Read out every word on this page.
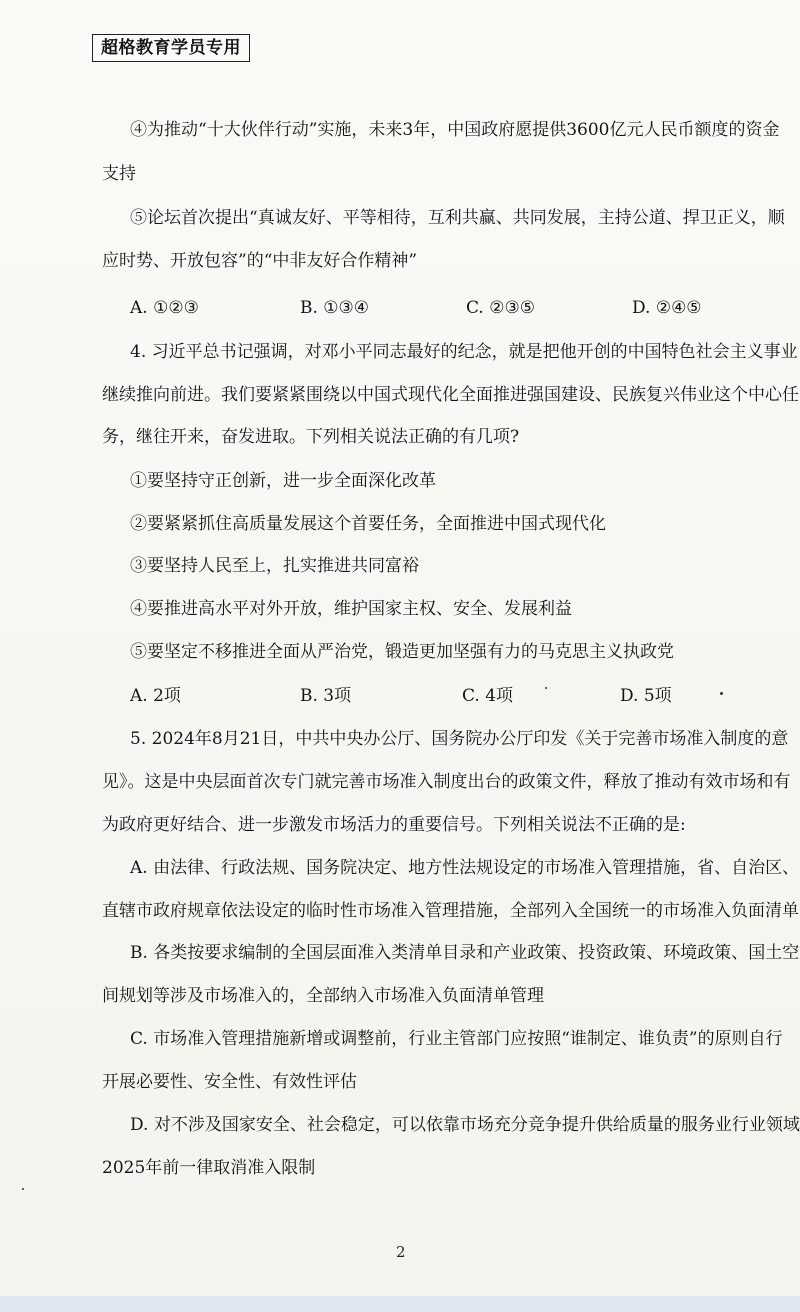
超格教育学员专用
④为推动“十大伙伴行动”实施，未来3年，中国政府愿提供3600亿元人民币额度的资金
支持
⑤论坛首次提出“真诚友好、平等相待，互利共赢、共同发展，主持公道、捍卫正义，顺
应时势、开放包容”的“中非友好合作精神”
A. ①②③	B. ①③④	C. ②③⑤	D. ②④⑤
4. 习近平总书记强调，对邓小平同志最好的纪念，就是把他开创的中国特色社会主义事业
继续推向前进。我们要紧紧围绕以中国式现代化全面推进强国建设、民族复兴伟业这个中心任
务，继往开来，奋发进取。下列相关说法正确的有几项?
①要坚持守正创新，进一步全面深化改革
②要紧紧抓住高质量发展这个首要任务，全面推进中国式现代化
③要坚持人民至上，扎实推进共同富裕
④要推进高水平对外开放，维护国家主权、安全、发展利益
⑤要坚定不移推进全面从严治党，锻造更加坚强有力的马克思主义执政党
A. 2项	B. 3项	C. 4项	D. 5项
5. 2024年8月21日，中共中央办公厅、国务院办公厅印发《关于完善市场准入制度的意
见》。这是中央层面首次专门就完善市场准入制度出台的政策文件，释放了推动有效市场和有
为政府更好结合、进一步激发市场活力的重要信号。下列相关说法不正确的是:
A. 由法律、行政法规、国务院决定、地方性法规设定的市场准入管理措施，省、自治区、
直辖市政府规章依法设定的临时性市场准入管理措施，全部列入全国统一的市场准入负面清单
B. 各类按要求编制的全国层面准入类清单目录和产业政策、投资政策、环境政策、国土空
间规划等涉及市场准入的，全部纳入市场准入负面清单管理
C. 市场准入管理措施新增或调整前，行业主管部门应按照“谁制定、谁负责”的原则自行
开展必要性、安全性、有效性评估
D. 对不涉及国家安全、社会稳定，可以依靠市场充分竞争提升供给质量的服务业行业领域
2025年前一律取消准入限制
2
